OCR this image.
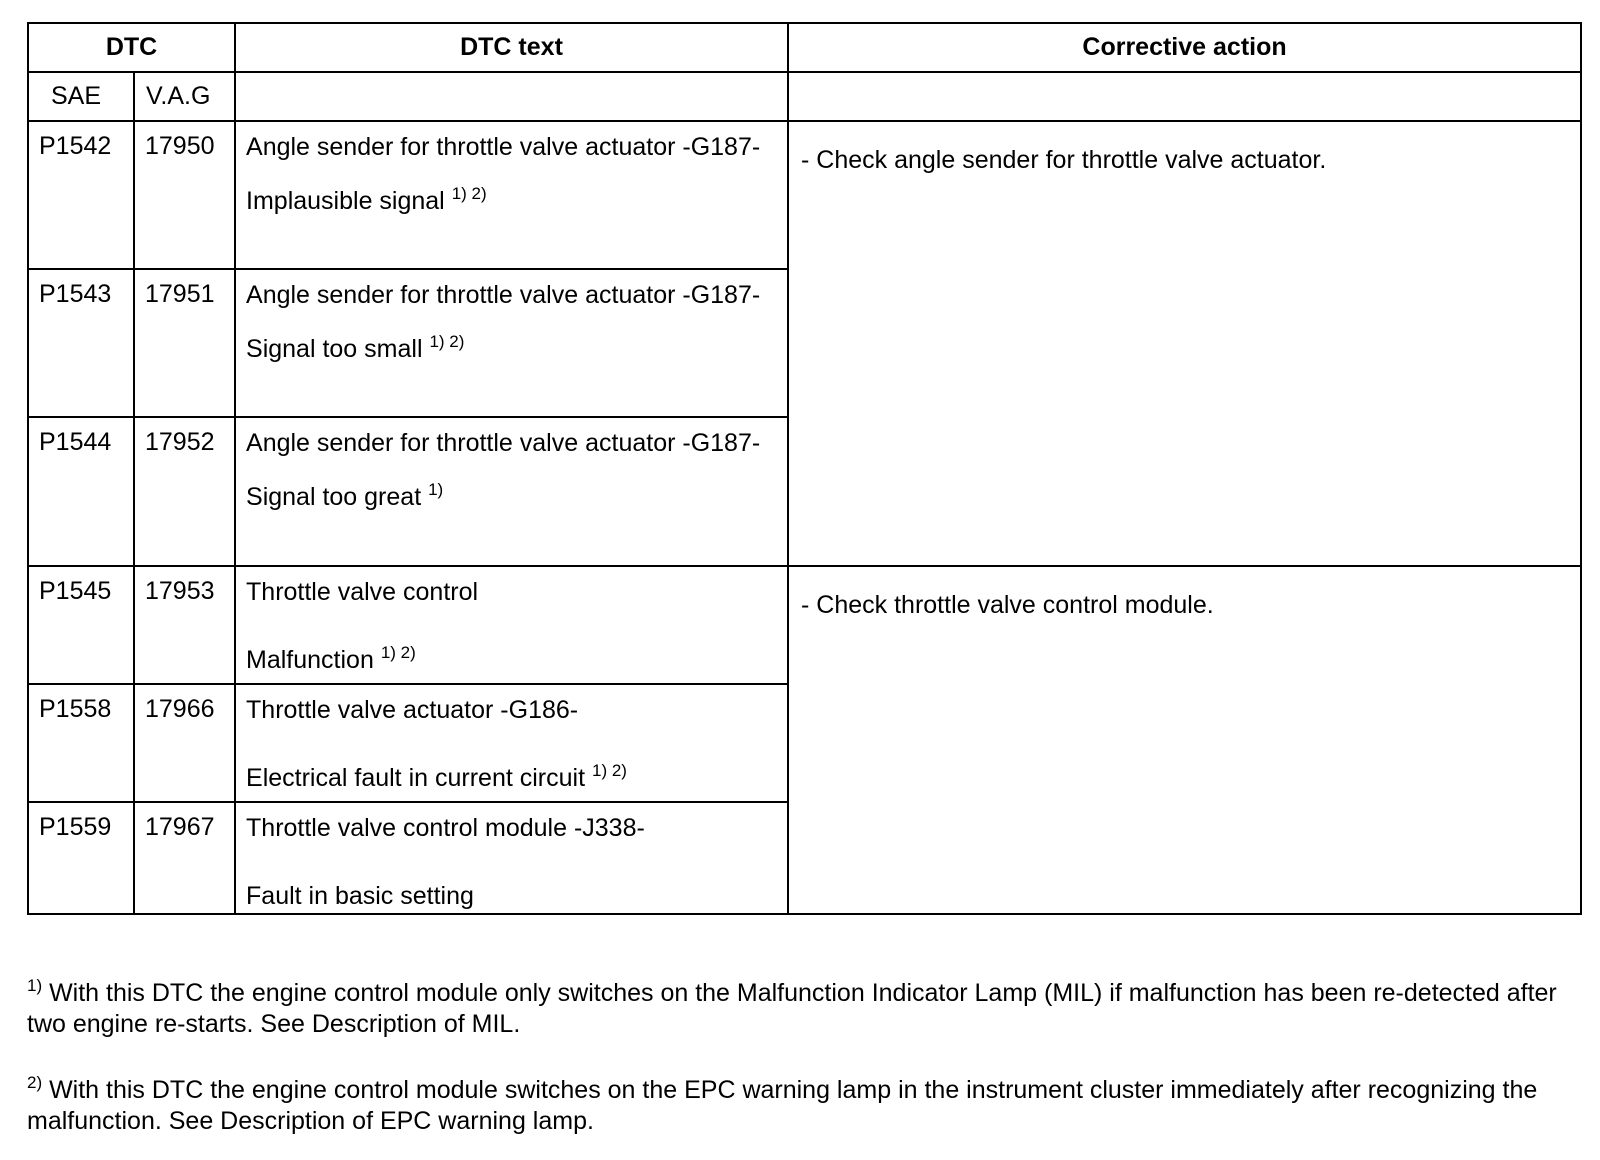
DTC		DTC text	Corrective action
SAE	V.A.G		
P1542	17950	Angle sender for throttle valve actuator -G187-
Implausible signal $^{1) 2)}$	- Check angle sender for throttle valve actuator.
P1543	17951	Angle sender for throttle valve actuator -G187-
Signal too small $^{1) 2)}$

P1544	17952	Angle sender for throttle valve actuator -G187-
Signal too great $^{1)}$

P1545	17953	Throttle valve control
Malfunction $^{1) 2)}$	- Check throttle valve control module.
P1558	17966	Throttle valve actuator -G186-
Electrical fault in current circuit $^{1) 2)}$

P1559	17967	Throttle valve control module -J338-
Fault in basic setting	
$^{1)}$ With this DTC the engine control module only switches on the Malfunction Indicator Lamp (MIL) if malfunction has been re-detected after two engine re-starts. See Description of MIL.
$^{2)}$ With this DTC the engine control module switches on the EPC warning lamp in the instrument cluster immediately after recognizing the malfunction. See Description of EPC warning lamp.
